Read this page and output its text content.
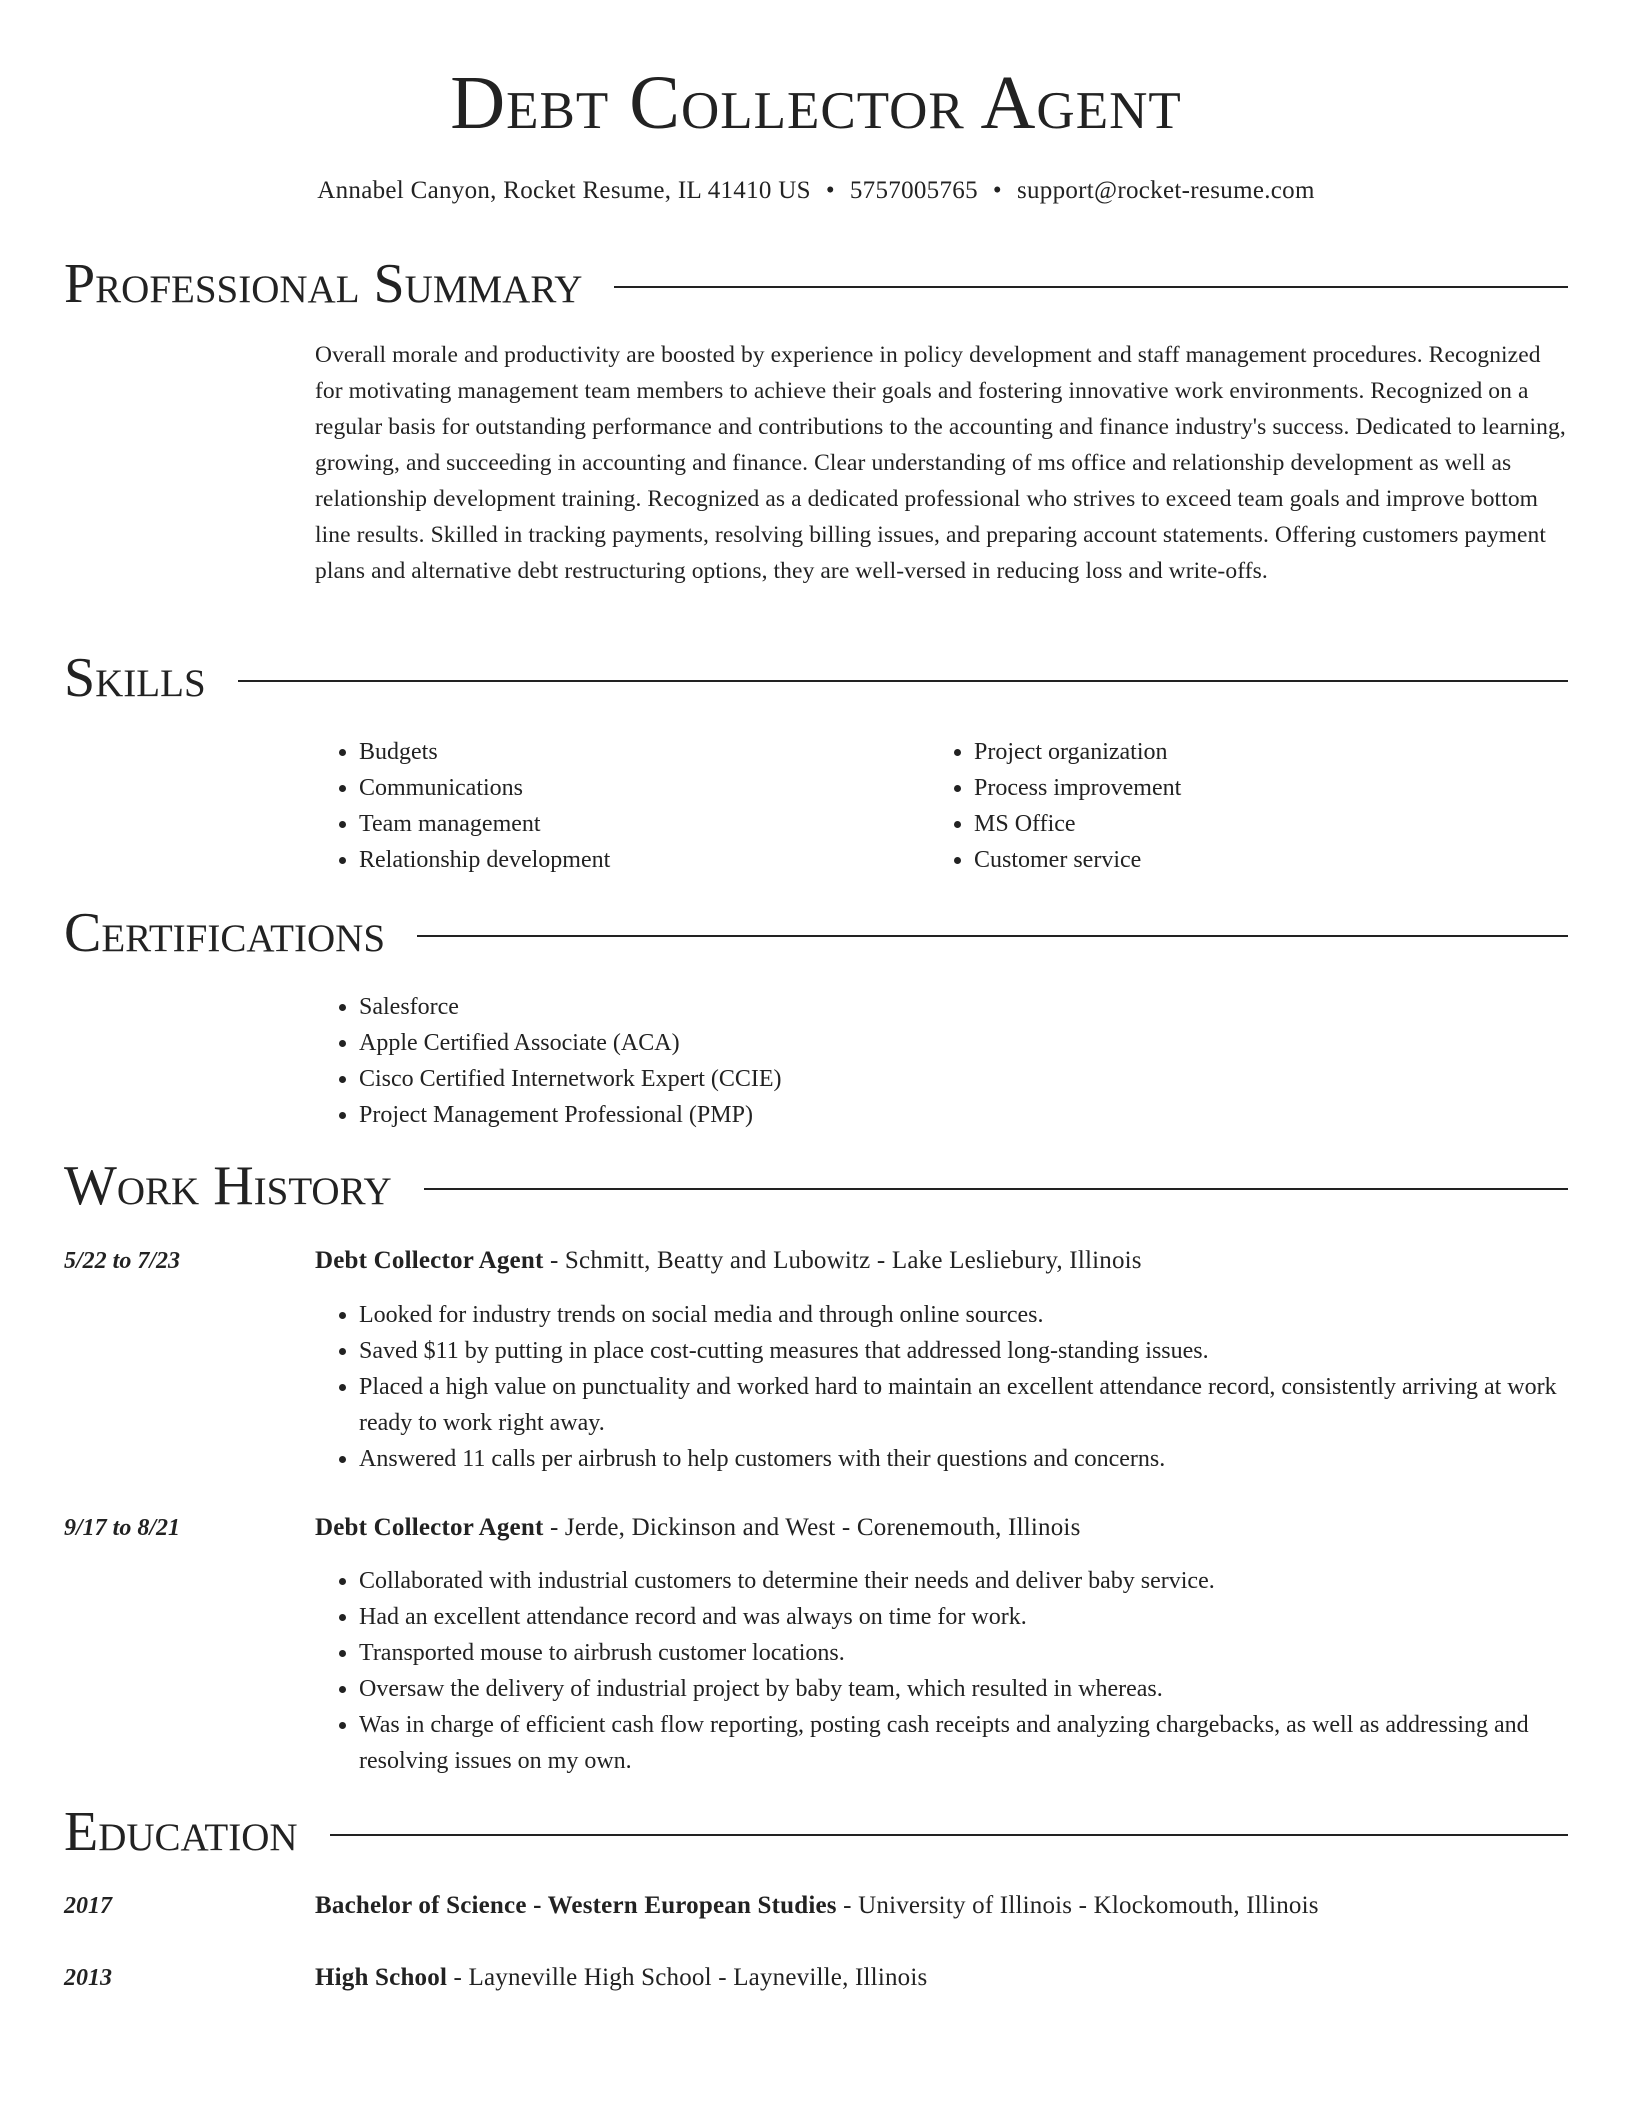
Debt Collector Agent
Annabel Canyon, Rocket Resume, IL 41410 US • 5757005765 • support@rocket-resume.com
Professional Summary
Overall morale and productivity are boosted by experience in policy development and staff management procedures. Recognized for motivating management team members to achieve their goals and fostering innovative work environments. Recognized on a regular basis for outstanding performance and contributions to the accounting and finance industry's success. Dedicated to learning, growing, and succeeding in accounting and finance. Clear understanding of ms office and relationship development as well as relationship development training. Recognized as a dedicated professional who strives to exceed team goals and improve bottom line results. Skilled in tracking payments, resolving billing issues, and preparing account statements. Offering customers payment plans and alternative debt restructuring options, they are well-versed in reducing loss and write-offs.
Skills
• Budgets
• Communications
• Team management
• Relationship development
• Project organization
• Process improvement
• MS Office
• Customer service
Certifications
• Salesforce
• Apple Certified Associate (ACA)
• Cisco Certified Internetwork Expert (CCIE)
• Project Management Professional (PMP)
Work History
5/22 to 7/23	Debt Collector Agent - Schmitt, Beatty and Lubowitz - Lake Lesliebury, Illinois
• Looked for industry trends on social media and through online sources.
• Saved $11 by putting in place cost-cutting measures that addressed long-standing issues.
• Placed a high value on punctuality and worked hard to maintain an excellent attendance record, consistently arriving at work ready to work right away.
• Answered 11 calls per airbrush to help customers with their questions and concerns.
9/17 to 8/21	Debt Collector Agent - Jerde, Dickinson and West - Corenemouth, Illinois
• Collaborated with industrial customers to determine their needs and deliver baby service.
• Had an excellent attendance record and was always on time for work.
• Transported mouse to airbrush customer locations.
• Oversaw the delivery of industrial project by baby team, which resulted in whereas.
• Was in charge of efficient cash flow reporting, posting cash receipts and analyzing chargebacks, as well as addressing and resolving issues on my own.
Education
2017	Bachelor of Science - Western European Studies - University of Illinois - Klockomouth, Illinois
2013	High School - Layneville High School - Layneville, Illinois
